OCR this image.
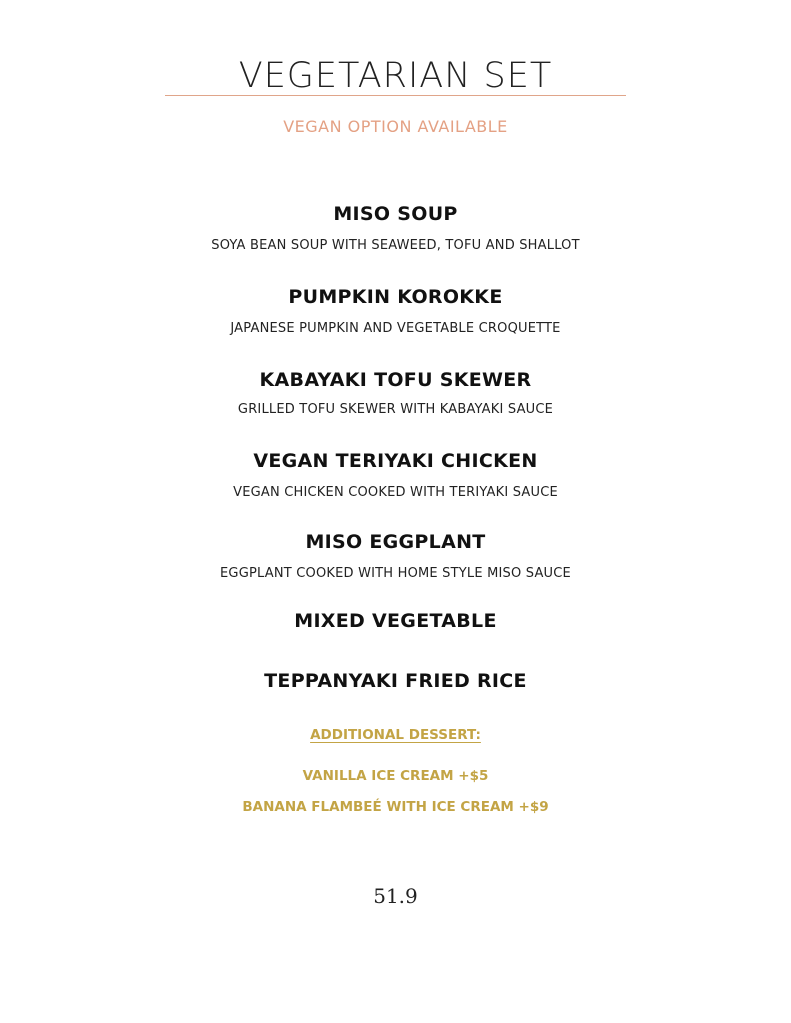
VEGETARIAN SET
VEGAN OPTION AVAILABLE
MISO SOUP
SOYA BEAN SOUP WITH SEAWEED, TOFU AND SHALLOT
PUMPKIN KOROKKE
JAPANESE PUMPKIN AND VEGETABLE CROQUETTE
KABAYAKI TOFU SKEWER
GRILLED TOFU SKEWER WITH KABAYAKI SAUCE
VEGAN TERIYAKI CHICKEN
VEGAN CHICKEN COOKED WITH TERIYAKI SAUCE
MISO EGGPLANT
EGGPLANT COOKED WITH HOME STYLE MISO SAUCE
MIXED VEGETABLE
TEPPANYAKI FRIED RICE
ADDITIONAL DESSERT:
VANILLA ICE CREAM +$5
BANANA FLAMBEÉ WITH ICE CREAM +$9
51.9
